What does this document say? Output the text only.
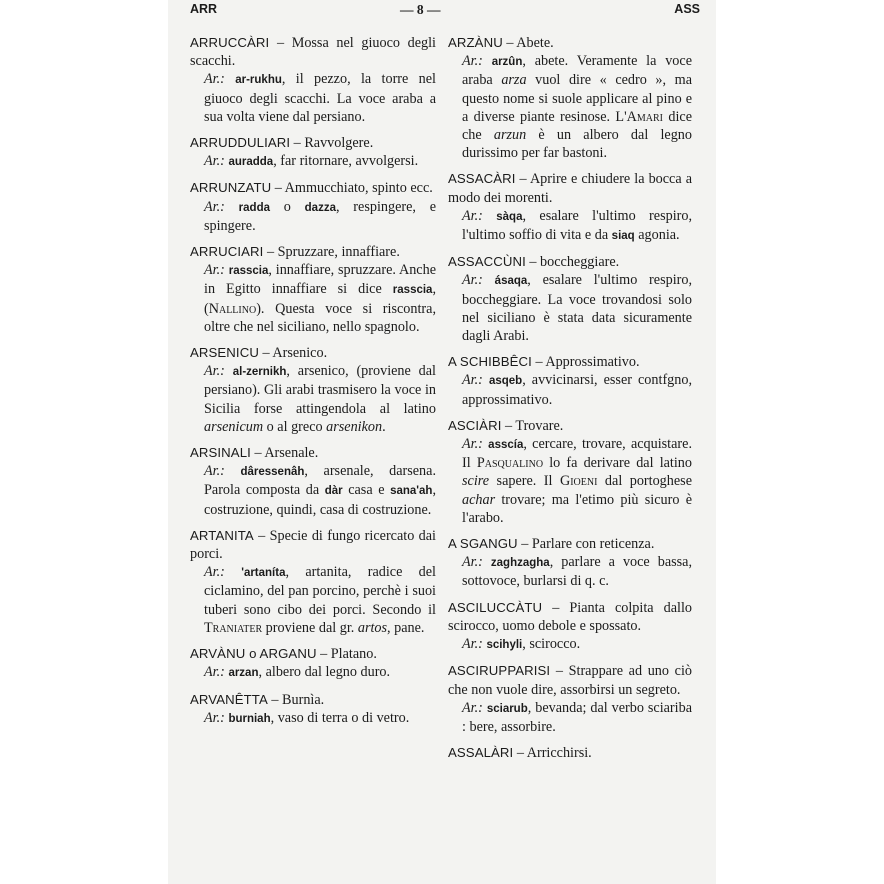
ARR	— 8 —	ASS
ARRUCCÀRI – Mossa nel giuoco degli scacchi.
Ar.: ar-rukhu, il pezzo, la torre nel giuoco degli scacchi. La voce araba a sua volta viene dal persiano.
ARRUDDULIARI – Ravvolgere.
Ar.: auradda, far ritornare, avvolgersi.
ARRUNZATU – Ammucchiato, spinto ecc.
Ar.: radda o dazza, respingere, e spingere.
ARRUCIARI – Spruzzare, innaffiare.
Ar.: rasscia, innaffiare, spruzzare. Anche in Egitto innaffiare si dice rasscia, (Nallino). Questa voce si riscontra, oltre che nel siciliano, nello spagnolo.
ARSENICU – Arsenico.
Ar.: al-zernikh, arsenico, (proviene dal persiano). Gli arabi trasmisero la voce in Sicilia forse attingendola al latino arsenicum o al greco arsenikon.
ARSINALI – Arsenale.
Ar.: dâressenâh, arsenale, darsena. Parola composta da dàr casa e sana'ah, costruzione, quindi, casa di costruzione.
ARTANITA – Specie di fungo ricercato dai porci.
Ar.: 'artaníta, artanita, radice del ciclamino, del pan porcino, perchè i suoi tuberi sono cibo dei porci. Secondo il Traniater proviene dal gr. artos, pane.
ARVÀNU o ARGANU – Platano.
Ar.: arzan, albero dal legno duro.
ARVANÊTTA – Burnìa.
Ar.: burniah, vaso di terra o di vetro.
ARZÀNU – Abete.
Ar.: arzûn, abete. Veramente la voce araba arza vuol dire « cedro », ma questo nome si suole applicare al pino e a diverse piante resinose. L'Amari dice che arzun è un albero dal legno durissimo per far bastoni.
ASSACÀRI – Aprire e chiudere la bocca a modo dei morenti.
Ar.: sàqa, esalare l'ultimo respiro, l'ultimo soffio di vita e da siaq agonia.
ASSACCÙNI – boccheggiare.
Ar.: ásaqa, esalare l'ultimo respiro, boccheggiare. La voce trovandosi solo nel siciliano è stata data sicuramente dagli Arabi.
A SCHIBBÊCI – Approssimativo.
Ar.: asqeb, avvicinarsi, esser contfgno, approssimativo.
ASCIÀRI – Trovare.
Ar.: asscía, cercare, trovare, acquistare. Il Pasqualino lo fa derivare dal latino scire sapere. Il Gioeni dal portoghese achar trovare; ma l'etimo più sicuro è l'arabo.
A SGANGU – Parlare con reticenza.
Ar.: zaghzagha, parlare a voce bassa, sottovoce, burlarsi di q. c.
ASCILUCCÀTU – Pianta colpita dallo scirocco, uomo debole e spossato.
Ar.: scihyli, scirocco.
ASCIRUPPARISI – Strappare ad uno ciò che non vuole dire, assorbirsi un segreto.
Ar.: sciarub, bevanda; dal verbo sciariba : bere, assorbire.
ASSALÀRI – Arricchirsi.
